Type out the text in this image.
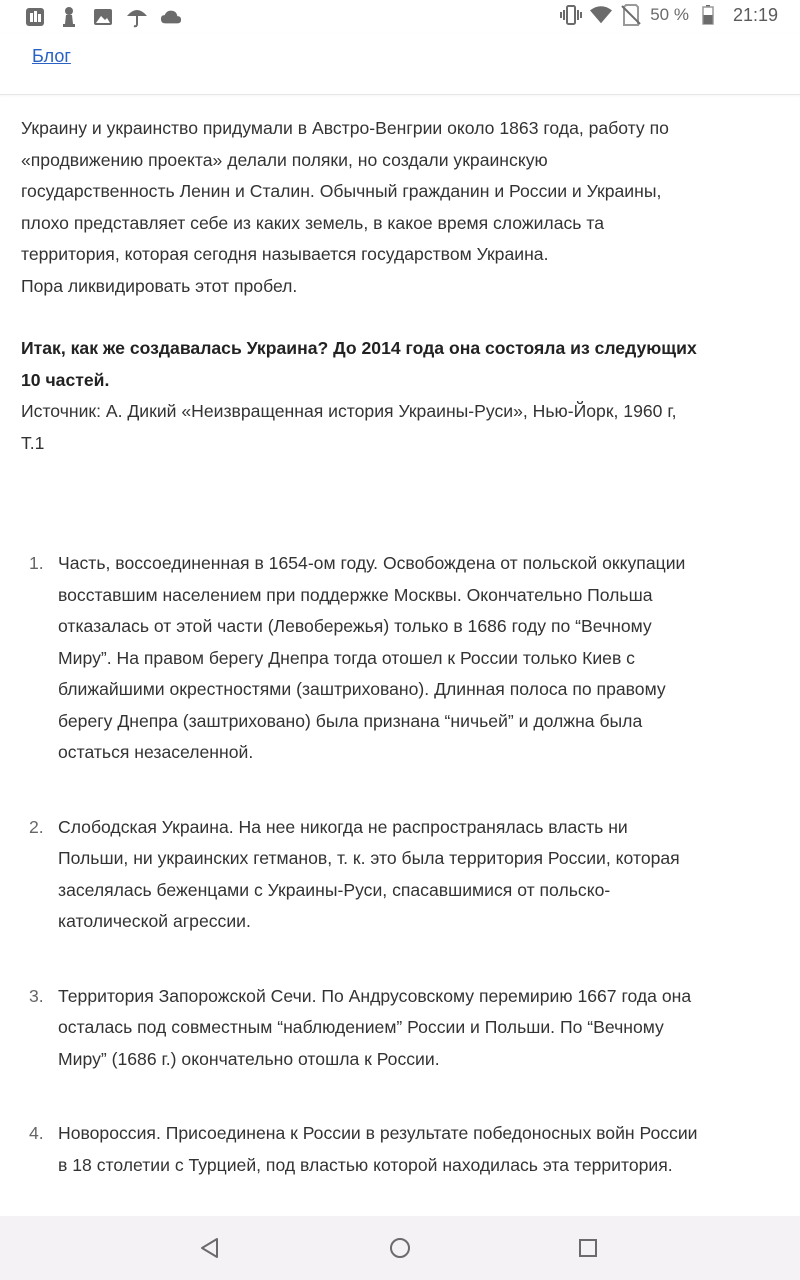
50 % 21:19
Блог

Украину и украинство придумали в Австро-Венгрии около 1863 года, работу по «продвижению проекта» делали поляки, но создали украинскую государственность Ленин и Сталин. Обычный гражданин и России и Украины, плохо представляет себе из каких земель, в какое время сложилась та территория, которая сегодня называется государством Украина.

Пора ликвидировать этот пробел.

Итак, как же создавалась Украина? До 2014 года она состояла из следующих 10 частей.

Источник: А. Дикий «Неизвращенная история Украины-Руси», Нью-Йорк, 1960 г, Т.1

1. Часть, воссоединенная в 1654-ом году. Освобождена от польской оккупации восставшим населением при поддержке Москвы. Окончательно Польша отказалась от этой части (Левобережья) только в 1686 году по “Вечному Миру”. На правом берегу Днепра тогда отошел к России только Киев с ближайшими окрестностями (заштриховано). Длинная полоса по правому берегу Днепра (заштриховано) была признана “ничьей” и должна была остаться незаселенной.
2. Слободская Украина. На нее никогда не распространялась власть ни Польши, ни украинских гетманов, т. к. это была территория России, которая заселялась беженцами с Украины-Руси, спасавшимися от польско-католической агрессии.
3. Территория Запорожской Сечи. По Андрусовскому перемирию 1667 года она осталась под совместным “наблюдением” России и Польши. По “Вечному Миру” (1686 г.) окончательно отошла к России.
4. Новороссия. Присоединена к России в результате победоносных войн России в 18 столетии с Турцией, под властью которой находилась эта территория.
